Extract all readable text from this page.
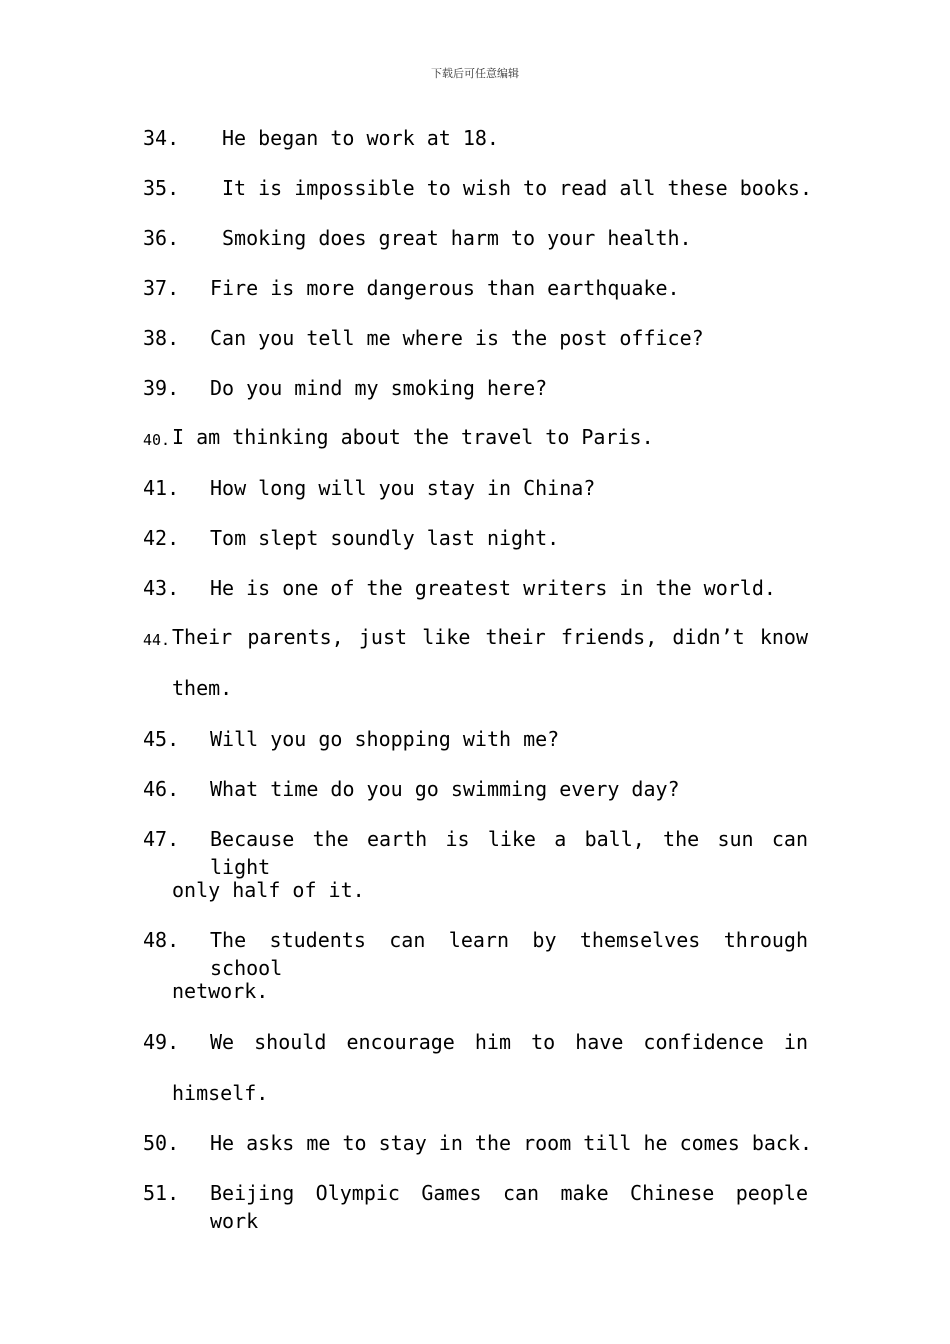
下载后可任意编辑
34. He began to work at 18.
35. It is impossible to wish to read all these books.
36. Smoking does great harm to your health.
37. Fire is more dangerous than earthquake.
38. Can you tell me where is the post office?
39. Do you mind my smoking here?
40. I am thinking about the travel to Paris.
41. How long will you stay in China?
42. Tom slept soundly last night.
43. He is one of the greatest writers in the world.
44. Their parents, just like their friends, didn’t know
them.
45. Will you go shopping with me?
46. What time do you go swimming every day?
47. Because the earth is like a ball, the sun can light
only half of it.
48. The students can learn by themselves through school
network.
49. We should encourage him to have confidence in
himself.
50. He asks me to stay in the room till he comes back.
51. Beijing Olympic Games can make Chinese people work
